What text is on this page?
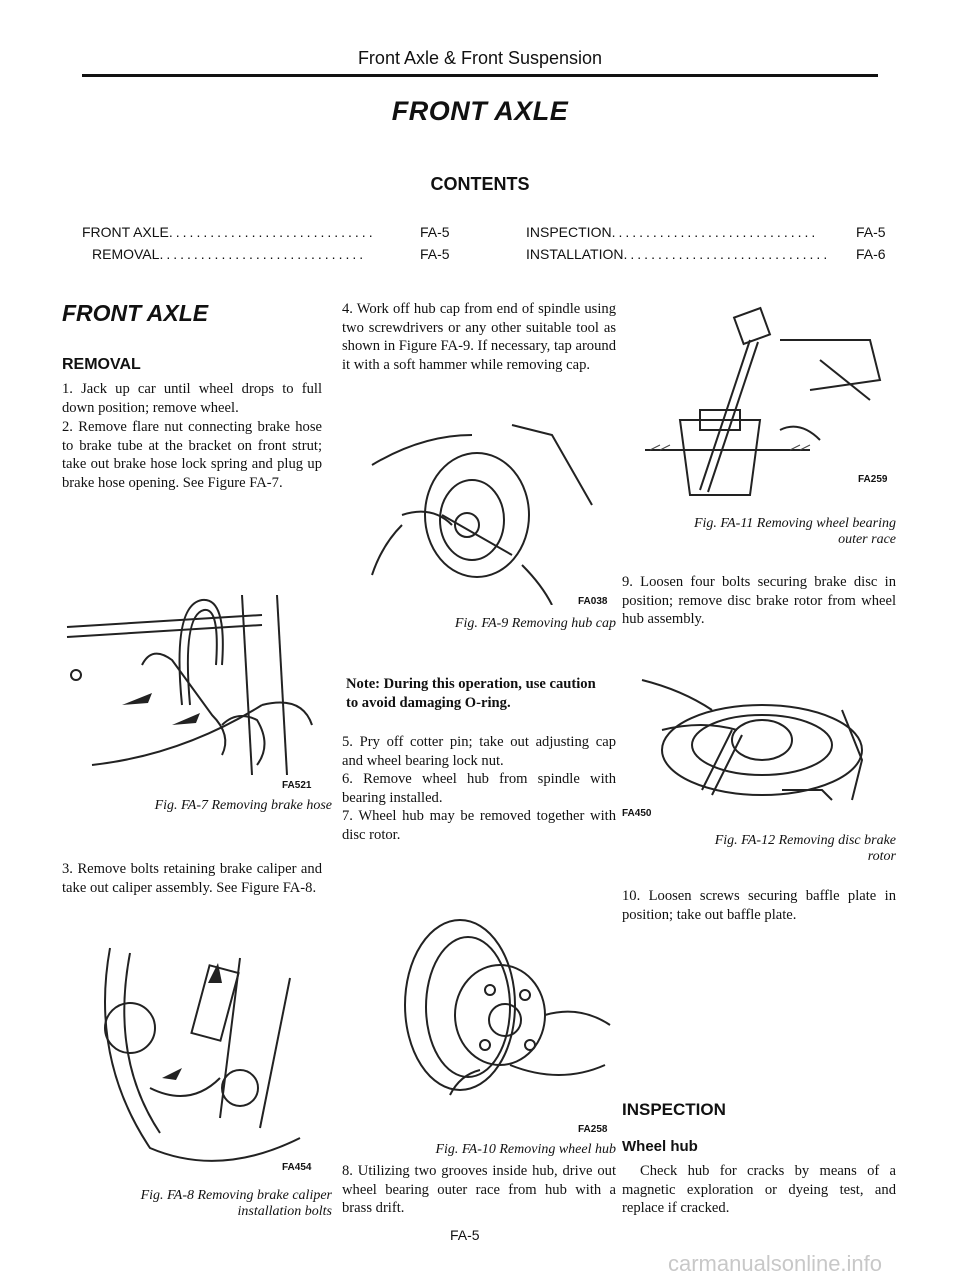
Front Axle & Front Suspension
FRONT AXLE
CONTENTS
FRONT AXLE..............................	FA-5
REMOVAL..............................	FA-5
INSPECTION..............................	FA-5
INSTALLATION..............................	FA-6
FRONT AXLE
REMOVAL
1. Jack up car until wheel drops to full down position; remove wheel.
2. Remove flare nut connecting brake hose to brake tube at the bracket on front strut; take out brake hose lock spring and plug up brake hose opening. See Figure FA-7.
FA521
Fig. FA-7 Removing brake hose
3. Remove bolts retaining brake caliper and take out caliper assembly. See Figure FA-8.
FA454
Fig. FA-8 Removing brake caliper
installation bolts
4. Work off hub cap from end of spindle using two screwdrivers or any other suitable tool as shown in Figure FA-9. If necessary, tap around it with a soft hammer while removing cap.
FA038
Fig. FA-9 Removing hub cap
Note: During this operation, use caution to avoid damaging O-ring.
5. Pry off cotter pin; take out adjusting cap and wheel bearing lock nut.
6. Remove wheel hub from spindle with bearing installed.
7. Wheel hub may be removed together with disc rotor.
FA258
Fig. FA-10 Removing wheel hub
8. Utilizing two grooves inside hub, drive out wheel bearing outer race from hub with a brass drift.
FA-5
FA259
Fig. FA-11 Removing wheel bearing
outer race
9. Loosen four bolts securing brake disc in position; remove disc brake rotor from wheel hub assembly.
FA450
Fig. FA-12 Removing disc brake
rotor
10. Loosen screws securing baffle plate in position; take out baffle plate.
INSPECTION
Wheel hub
Check hub for cracks by means of a magnetic exploration or dyeing test, and replace if cracked.
carmanualsonline.info
